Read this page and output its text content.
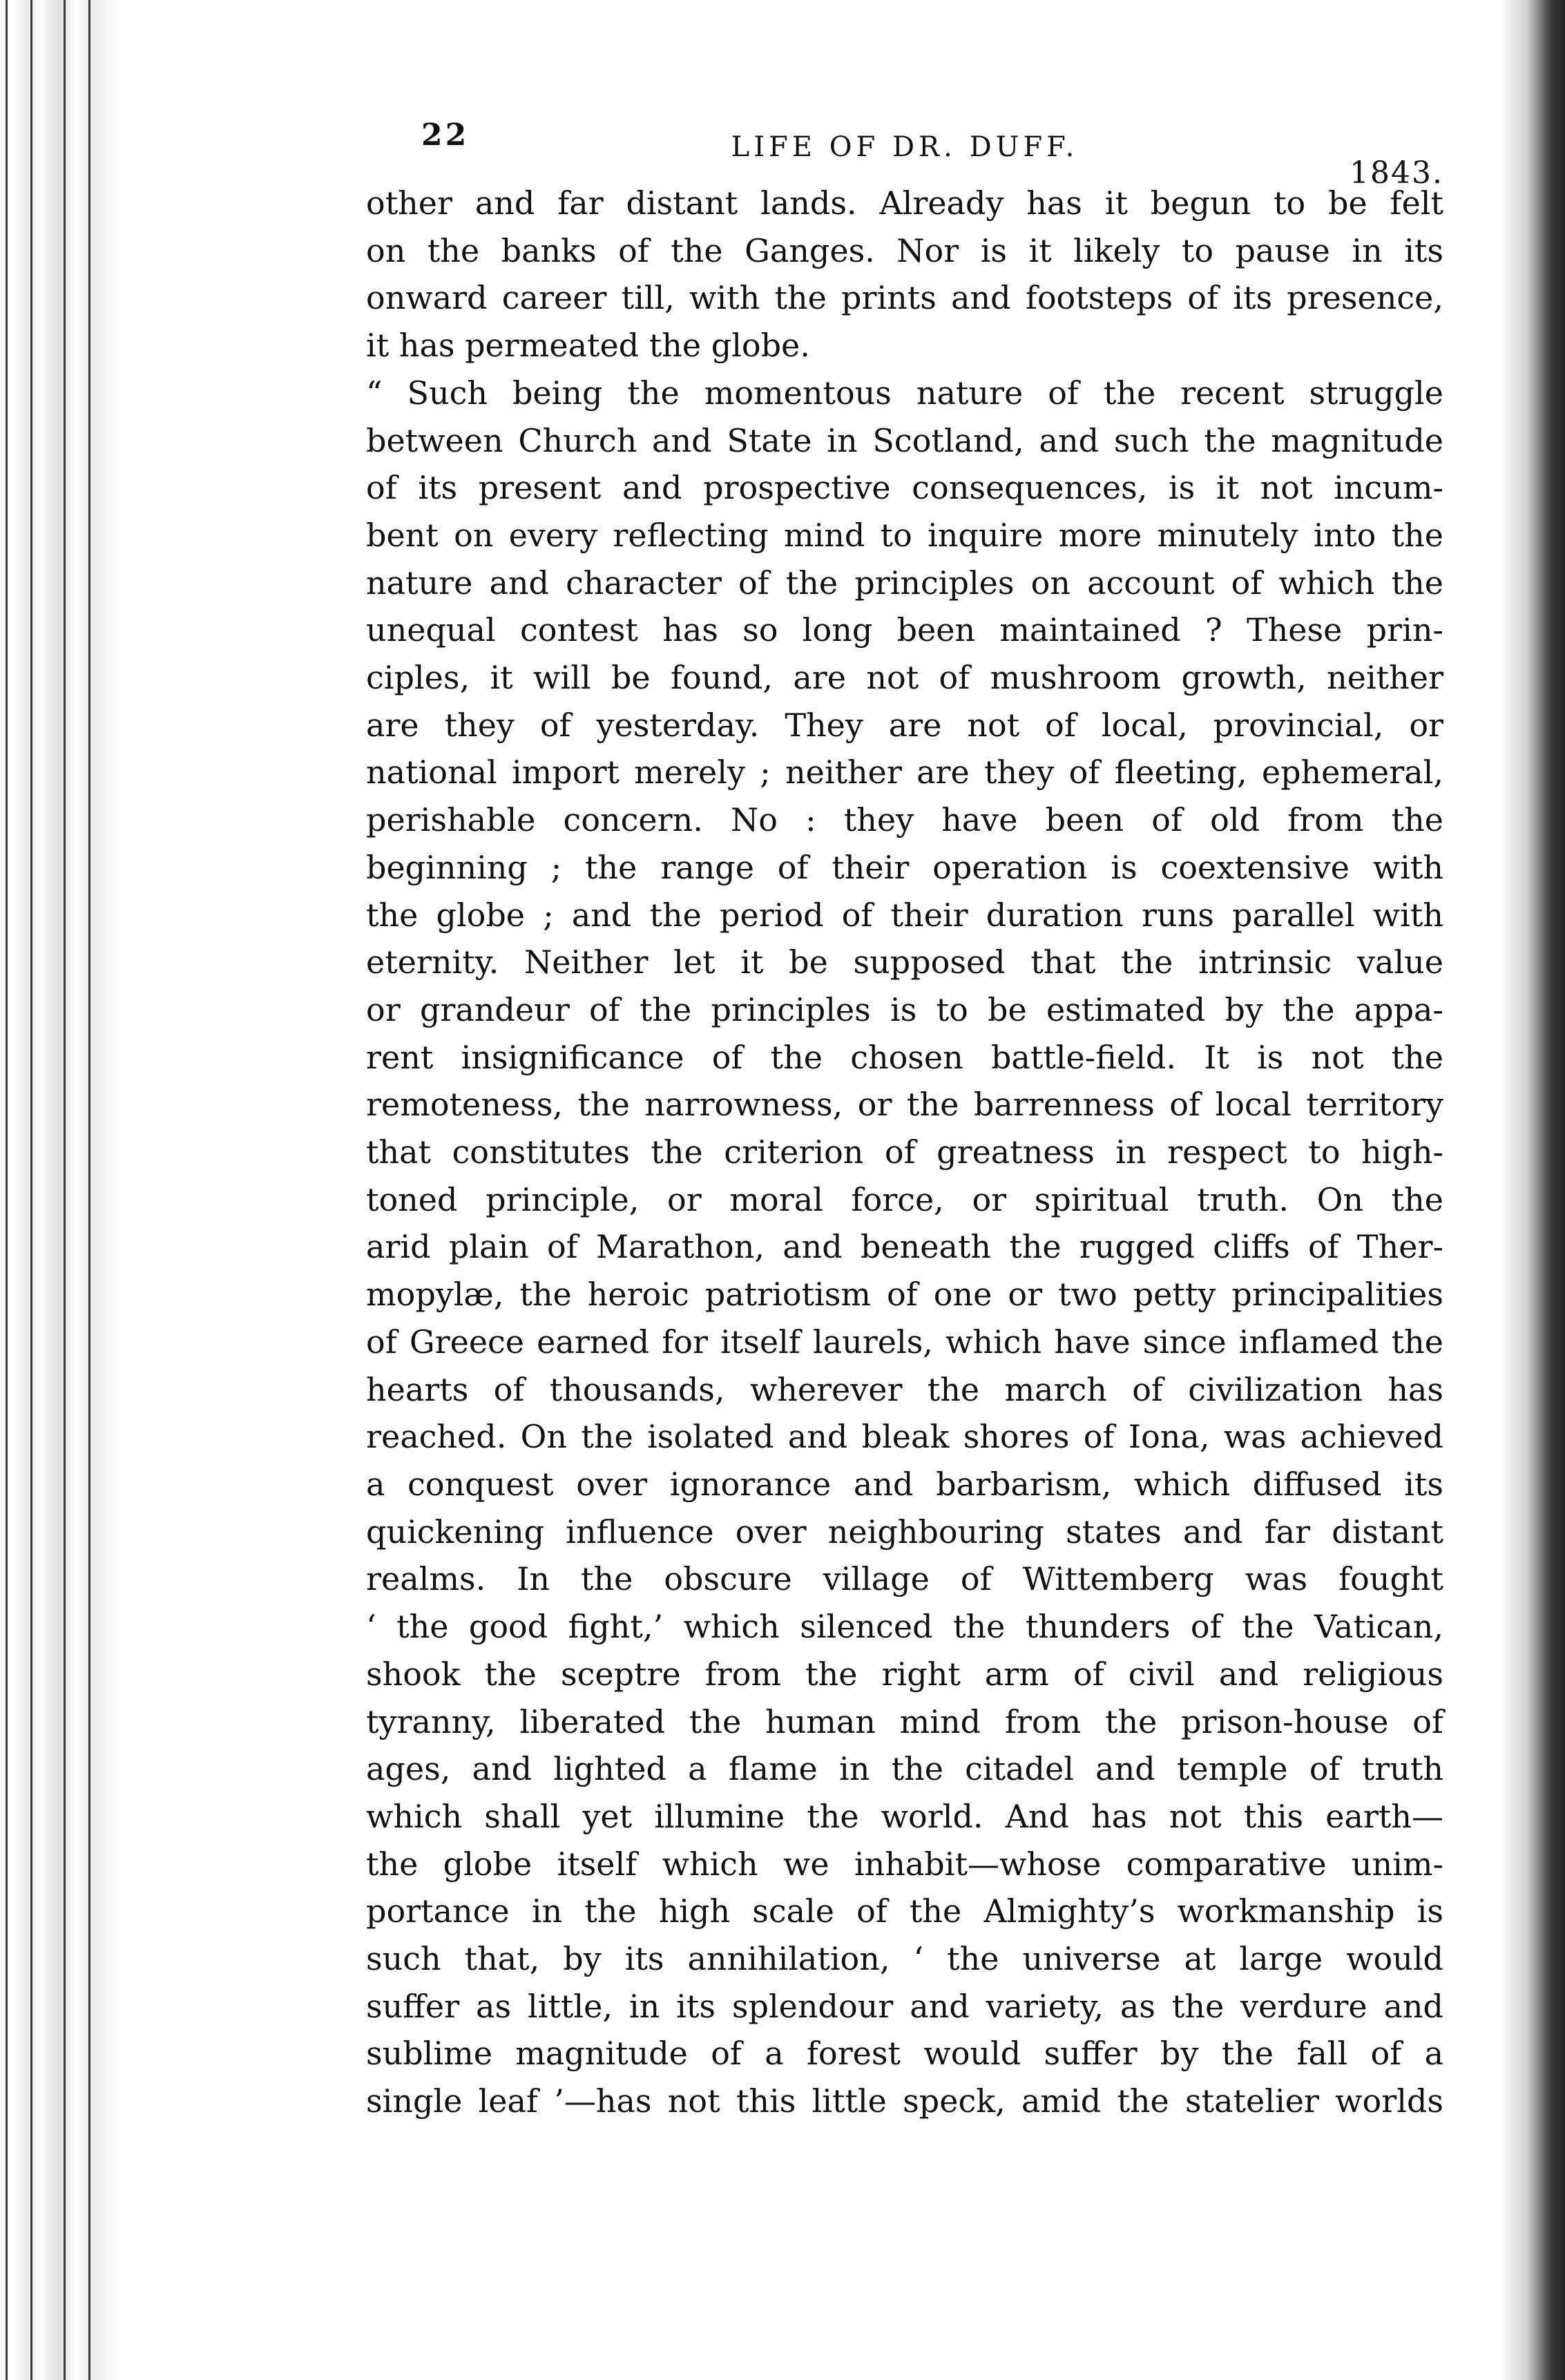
22	LIFE OF DR. DUFF.
1843.
other and far distant lands. Already has it begun to be felt
on the banks of the Ganges. Nor is it likely to pause in its
onward career till, with the prints and footsteps of its presence,
it has permeated the globe.
“ Such being the momentous nature of the recent struggle
between Church and State in Scotland, and such the magnitude
of its present and prospective consequences, is it not incum-
bent on every reflecting mind to inquire more minutely into the
nature and character of the principles on account of which the
unequal contest has so long been maintained ? These prin-
ciples, it will be found, are not of mushroom growth, neither
are they of yesterday. They are not of local, provincial, or
national import merely ; neither are they of fleeting, ephemeral,
perishable concern. No : they have been of old from the
beginning ; the range of their operation is coextensive with
the globe ; and the period of their duration runs parallel with
eternity. Neither let it be supposed that the intrinsic value
or grandeur of the principles is to be estimated by the appa-
rent insignificance of the chosen battle-field. It is not the
remoteness, the narrowness, or the barrenness of local territory
that constitutes the criterion of greatness in respect to high-
toned principle, or moral force, or spiritual truth. On the
arid plain of Marathon, and beneath the rugged cliffs of Ther-
mopylæ, the heroic patriotism of one or two petty principalities
of Greece earned for itself laurels, which have since inflamed the
hearts of thousands, wherever the march of civilization has
reached. On the isolated and bleak shores of Iona, was achieved
a conquest over ignorance and barbarism, which diffused its
quickening influence over neighbouring states and far distant
realms. In the obscure village of Wittemberg was fought
‘ the good fight,’ which silenced the thunders of the Vatican,
shook the sceptre from the right arm of civil and religious
tyranny, liberated the human mind from the prison-house of
ages, and lighted a flame in the citadel and temple of truth
which shall yet illumine the world. And has not this earth—
the globe itself which we inhabit—whose comparative unim-
portance in the high scale of the Almighty’s workmanship is
such that, by its annihilation, ‘ the universe at large would
suffer as little, in its splendour and variety, as the verdure and
sublime magnitude of a forest would suffer by the fall of a
single leaf ’—has not this little speck, amid the statelier worlds
